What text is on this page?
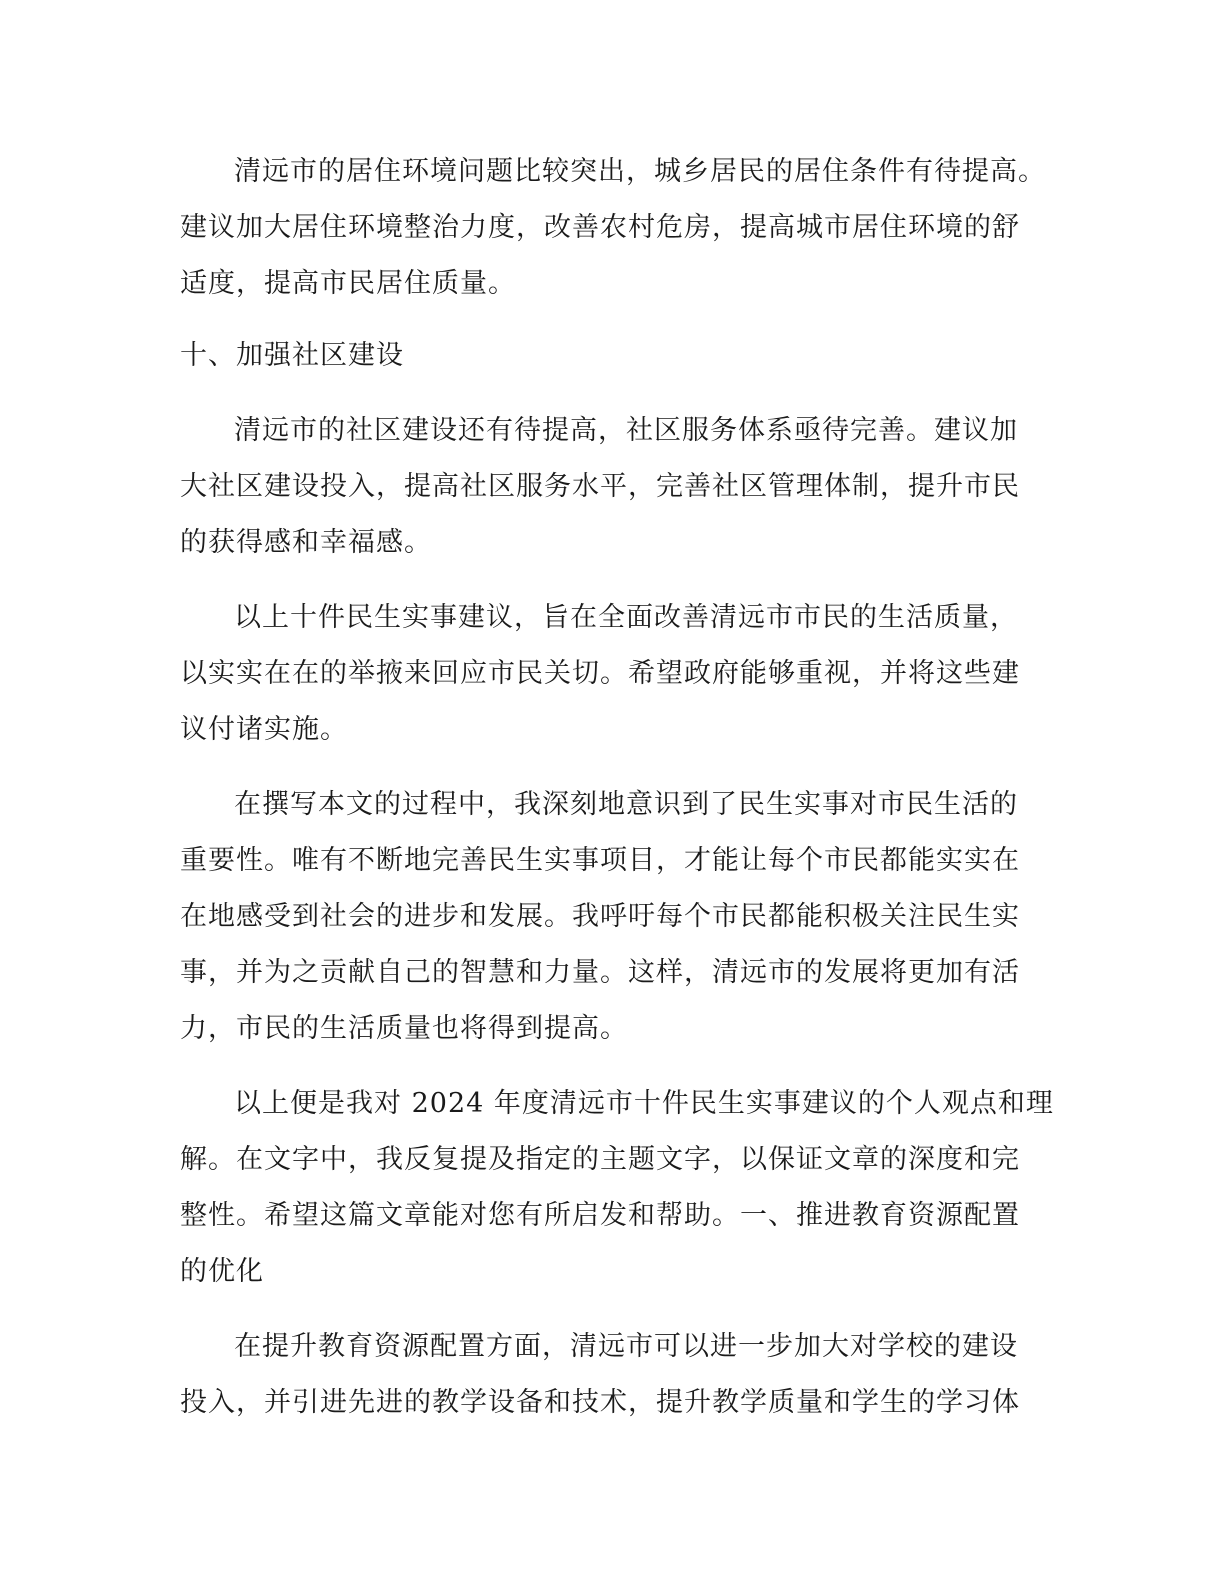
清远市的居住环境问题比较突出，城乡居民的居住条件有待提高。
建议加大居住环境整治力度，改善农村危房，提高城市居住环境的舒
适度，提高市民居住质量。
十、加强社区建设
清远市的社区建设还有待提高，社区服务体系亟待完善。建议加
大社区建设投入，提高社区服务水平，完善社区管理体制，提升市民
的获得感和幸福感。
以上十件民生实事建议，旨在全面改善清远市市民的生活质量，
以实实在在的举掖来回应市民关切。希望政府能够重视，并将这些建
议付诸实施。
在撰写本文的过程中，我深刻地意识到了民生实事对市民生活的
重要性。唯有不断地完善民生实事项目，才能让每个市民都能实实在
在地感受到社会的进步和发展。我呼吁每个市民都能积极关注民生实
事，并为之贡献自己的智慧和力量。这样，清远市的发展将更加有活
力，市民的生活质量也将得到提高。
以上便是我对 2024 年度清远市十件民生实事建议的个人观点和理
解。在文字中，我反复提及指定的主题文字，以保证文章的深度和完
整性。希望这篇文章能对您有所启发和帮助。一、推进教育资源配置
的优化
在提升教育资源配置方面，清远市可以进一步加大对学校的建设
投入，并引进先进的教学设备和技术，提升教学质量和学生的学习体
